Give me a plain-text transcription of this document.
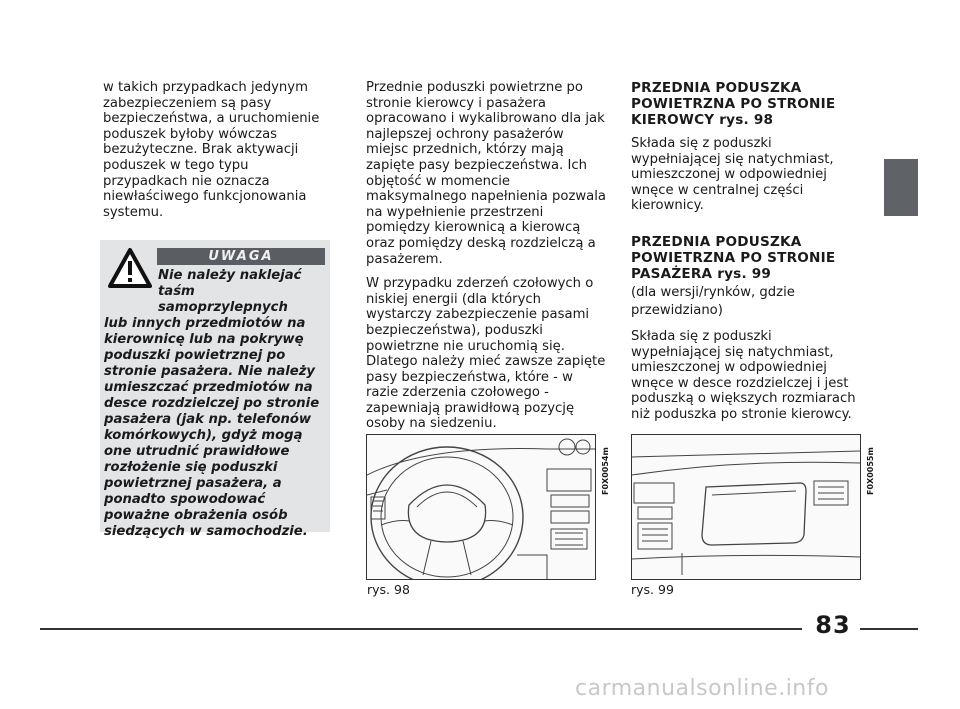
w takich przypadkach jedynym zabezpieczeniem są pasy bezpieczeństwa, a uruchomienie poduszek byłoby wówczas bezużyteczne. Brak aktywacji poduszek w tego typu przypadkach nie oznacza niewłaściwego funkcjonowania systemu.

UWAGA
Nie należy naklejać
taśm samoprzylepnych
lub innych przedmiotów na kierownicę lub na pokrywę poduszki powietrznej po stronie pasażera. Nie należy umieszczać przedmiotów na desce rozdzielczej po stronie pasażera (jak np. telefonów komórkowych), gdyż mogą one utrudnić prawidłowe rozłożenie się poduszki powietrznej pasażera, a ponadto spowodować poważne obrażenia osób siedzących w samochodzie.

Przednie poduszki powietrzne po stronie kierowcy i pasażera opracowano i wykalibrowano dla jak najlepszej ochrony pasażerów miejsc przednich, którzy mają zapięte pasy bezpieczeństwa. Ich objętość w momencie maksymalnego napełnienia pozwala na wypełnienie przestrzeni pomiędzy kierownicą a kierowcą oraz pomiędzy deską rozdzielczą a pasażerem.

W przypadku zderzeń czołowych o niskiej energii (dla których wystarczy zabezpieczenie pasami bezpieczeństwa), poduszki powietrzne nie uruchomią się. Dlatego należy mieć zawsze zapięte pasy bezpieczeństwa, które - w razie zderzenia czołowego - zapewniają prawidłową pozycję osoby na siedzeniu.

PRZEDNIA PODUSZKA POWIETRZNA PO STRONIE KIEROWCY rys. 98

Składa się z poduszki wypełniającej się natychmiast, umieszczonej w odpowiedniej wnęce w centralnej części kierownicy.

PRZEDNIA PODUSZKA POWIETRZNA PO STRONIE PASAŻERA rys. 99

(dla wersji/rynków, gdzie przewidziano)

Składa się z poduszki wypełniającej się natychmiast, umieszczonej w odpowiedniej wnęce w desce rozdzielczej i jest poduszką o większych rozmiarach niż poduszka po stronie kierowcy.

F0X0054m
rys. 98
F0X0055m
rys. 99
83
carmanualsonline.info
